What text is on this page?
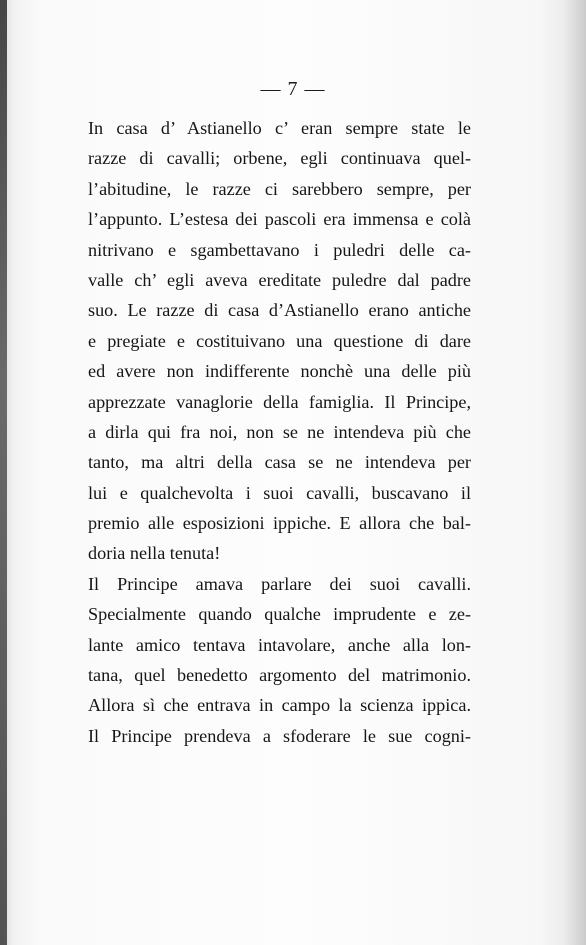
— 7 —
In casa d’ Astianello c’ eran sempre state le
razze di cavalli; orbene, egli continuava quel-
l’abitudine, le razze ci sarebbero sempre, per
l’appunto. L’estesa dei pascoli era immensa e colà
nitrivano e sgambettavano i puledri delle ca-
valle ch’ egli aveva ereditate puledre dal padre
suo. Le razze di casa d’Astianello erano antiche
e pregiate e costituivano una questione di dare
ed avere non indifferente nonchè una delle più
apprezzate vanaglorie della famiglia. Il Principe,
a dirla qui fra noi, non se ne intendeva più che
tanto, ma altri della casa se ne intendeva per
lui e qualchevolta i suoi cavalli, buscavano il
premio alle esposizioni ippiche. E allora che bal-
doria nella tenuta!
Il Principe amava parlare dei suoi cavalli.
Specialmente quando qualche imprudente e ze-
lante amico tentava intavolare, anche alla lon-
tana, quel benedetto argomento del matrimonio.
Allora sì che entrava in campo la scienza ippica.
Il Principe prendeva a sfoderare le sue cogni-
